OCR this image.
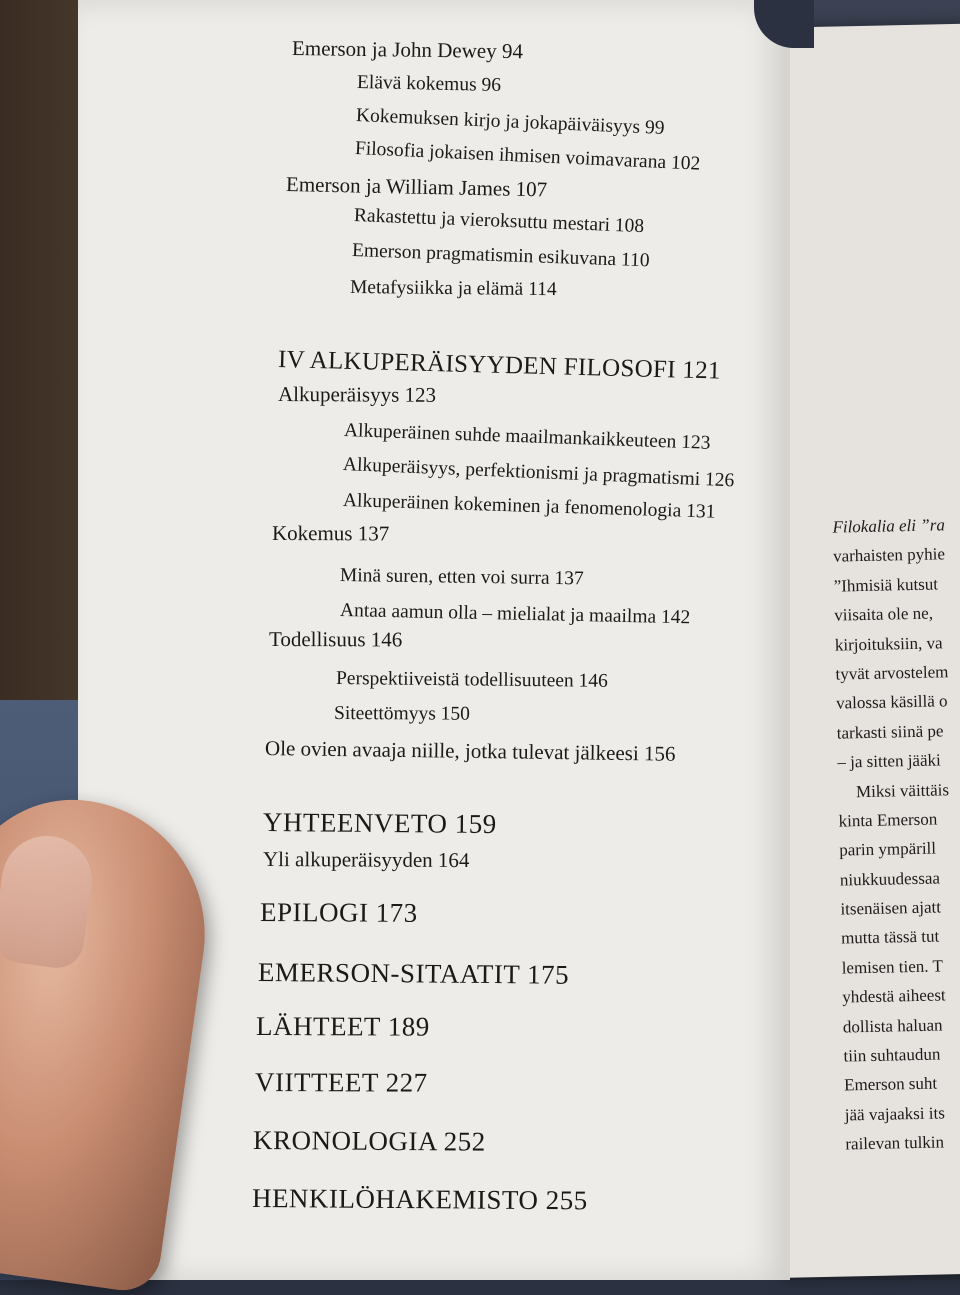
Filokalia eli ”ra
varhaisten pyhie
”Ihmisiä kutsut
viisaita ole ne,
kirjoituksiin, va
tyvät arvostelem
valossa käsillä o
tarkasti siinä pe
– ja sitten jääki
Miksi väittäis
kinta Emerson
parin ympärill
niukkuudessaa
itsenäisen ajatt
mutta tässä tut
lemisen tien. T
yhdestä aiheest
dollista haluan
tiin suhtaudun
Emerson suht
jää vajaaksi its
railevan tulkin
Emerson ja John Dewey 94
Elävä kokemus 96
Kokemuksen kirjo ja jokapäiväisyys 99
Filosofia jokaisen ihmisen voimavarana 102
Emerson ja William James 107
Rakastettu ja vieroksuttu mestari 108
Emerson pragmatismin esikuvana 110
Metafysiikka ja elämä 114
IV ALKUPERÄISYYDEN FILOSOFI 121
Alkuperäisyys 123
Alkuperäinen suhde maailmankaikkeuteen 123
Alkuperäisyys, perfektionismi ja pragmatismi 126
Alkuperäinen kokeminen ja fenomenologia 131
Kokemus 137
Minä suren, etten voi surra 137
Antaa aamun olla – mielialat ja maailma 142
Todellisuus 146
Perspektiiveistä todellisuuteen 146
Siteettömyys 150
Ole ovien avaaja niille, jotka tulevat jälkeesi 156
YHTEENVETO 159
Yli alkuperäisyyden 164
EPILOGI 173
EMERSON-SITAATIT 175
LÄHTEET 189
VIITTEET 227
KRONOLOGIA 252
HENKILÖHAKEMISTO 255
